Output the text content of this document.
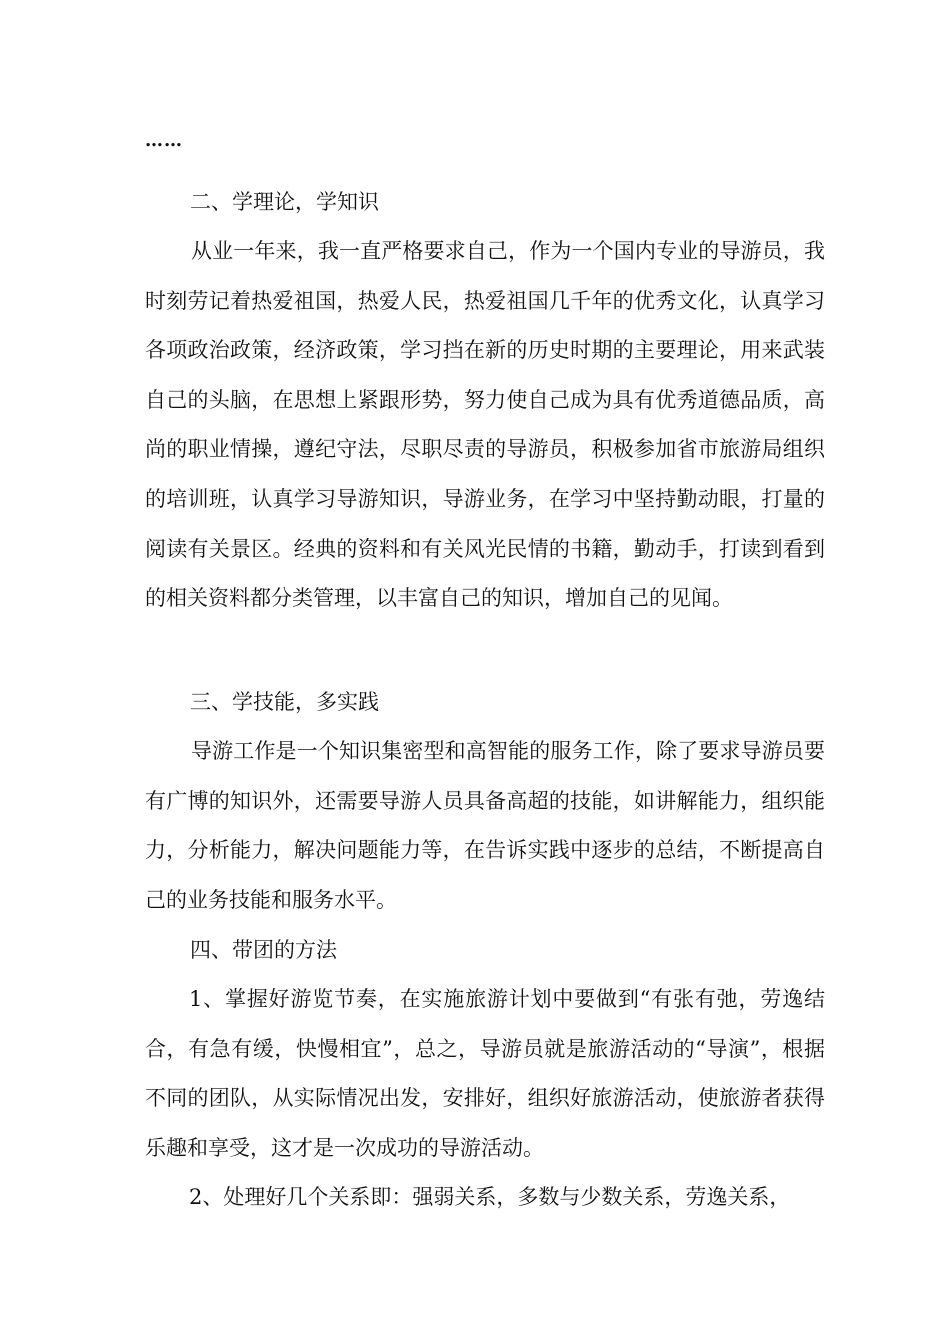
……
二、学理论，学知识

从业一年来，我一直严格要求自己，作为一个国内专业的导游员，我时刻劳记着热爱祖国，热爱人民，热爱祖国几千年的优秀文化，认真学习各项政治政策，经济政策，学习挡在新的历史时期的主要理论，用来武装自己的头脑，在思想上紧跟形势，努力使自己成为具有优秀道德品质，高尚的职业情操，遵纪守法，尽职尽责的导游员，积极参加省市旅游局组织的培训班，认真学习导游知识，导游业务，在学习中坚持勤动眼，打量的阅读有关景区。经典的资料和有关风光民情的书籍，勤动手，打读到看到的相关资料都分类管理，以丰富自己的知识，增加自己的见闻。

三、学技能，多实践

导游工作是一个知识集密型和高智能的服务工作，除了要求导游员要有广博的知识外，还需要导游人员具备高超的技能，如讲解能力，组织能力，分析能力，解决问题能力等，在告诉实践中逐步的总结，不断提高自己的业务技能和服务水平。

四、带团的方法

1、掌握好游览节奏，在实施旅游计划中要做到“有张有弛，劳逸结合，有急有缓，快慢相宜”，总之，导游员就是旅游活动的“导演”，根据不同的团队，从实际情况出发，安排好，组织好旅游活动，使旅游者获得乐趣和享受，这才是一次成功的导游活动。

2、处理好几个关系即：强弱关系，多数与少数关系，劳逸关系，
